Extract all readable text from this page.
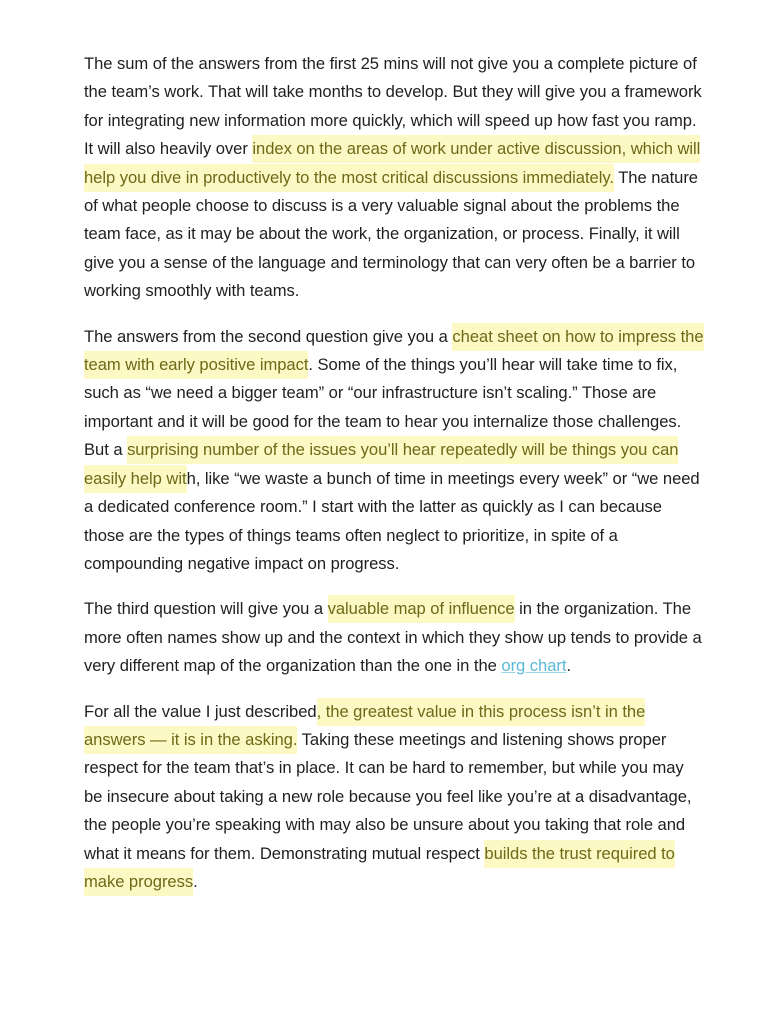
The sum of the answers from the first 25 mins will not give you a complete picture of the team’s work. That will take months to develop. But they will give you a framework for integrating new information more quickly, which will speed up how fast you ramp. It will also heavily over index on the areas of work under active discussion, which will help you dive in productively to the most critical discussions immediately. The nature of what people choose to discuss is a very valuable signal about the problems the team face, as it may be about the work, the organization, or process. Finally, it will give you a sense of the language and terminology that can very often be a barrier to working smoothly with teams.

The answers from the second question give you a cheat sheet on how to impress the team with early positive impact. Some of the things you’ll hear will take time to fix, such as “we need a bigger team” or “our infrastructure isn’t scaling.” Those are important and it will be good for the team to hear you internalize those challenges. But a surprising number of the issues you’ll hear repeatedly will be things you can easily help with, like “we waste a bunch of time in meetings every week” or “we need a dedicated conference room.” I start with the latter as quickly as I can because those are the types of things teams often neglect to prioritize, in spite of a compounding negative impact on progress.

The third question will give you a valuable map of influence in the organization. The more often names show up and the context in which they show up tends to provide a very different map of the organization than the one in the org chart.

For all the value I just described, the greatest value in this process isn’t in the answers — it is in the asking. Taking these meetings and listening shows proper respect for the team that’s in place. It can be hard to remember, but while you may be insecure about taking a new role because you feel like you’re at a disadvantage, the people you’re speaking with may also be unsure about you taking that role and what it means for them. Demonstrating mutual respect builds the trust required to make progress.
